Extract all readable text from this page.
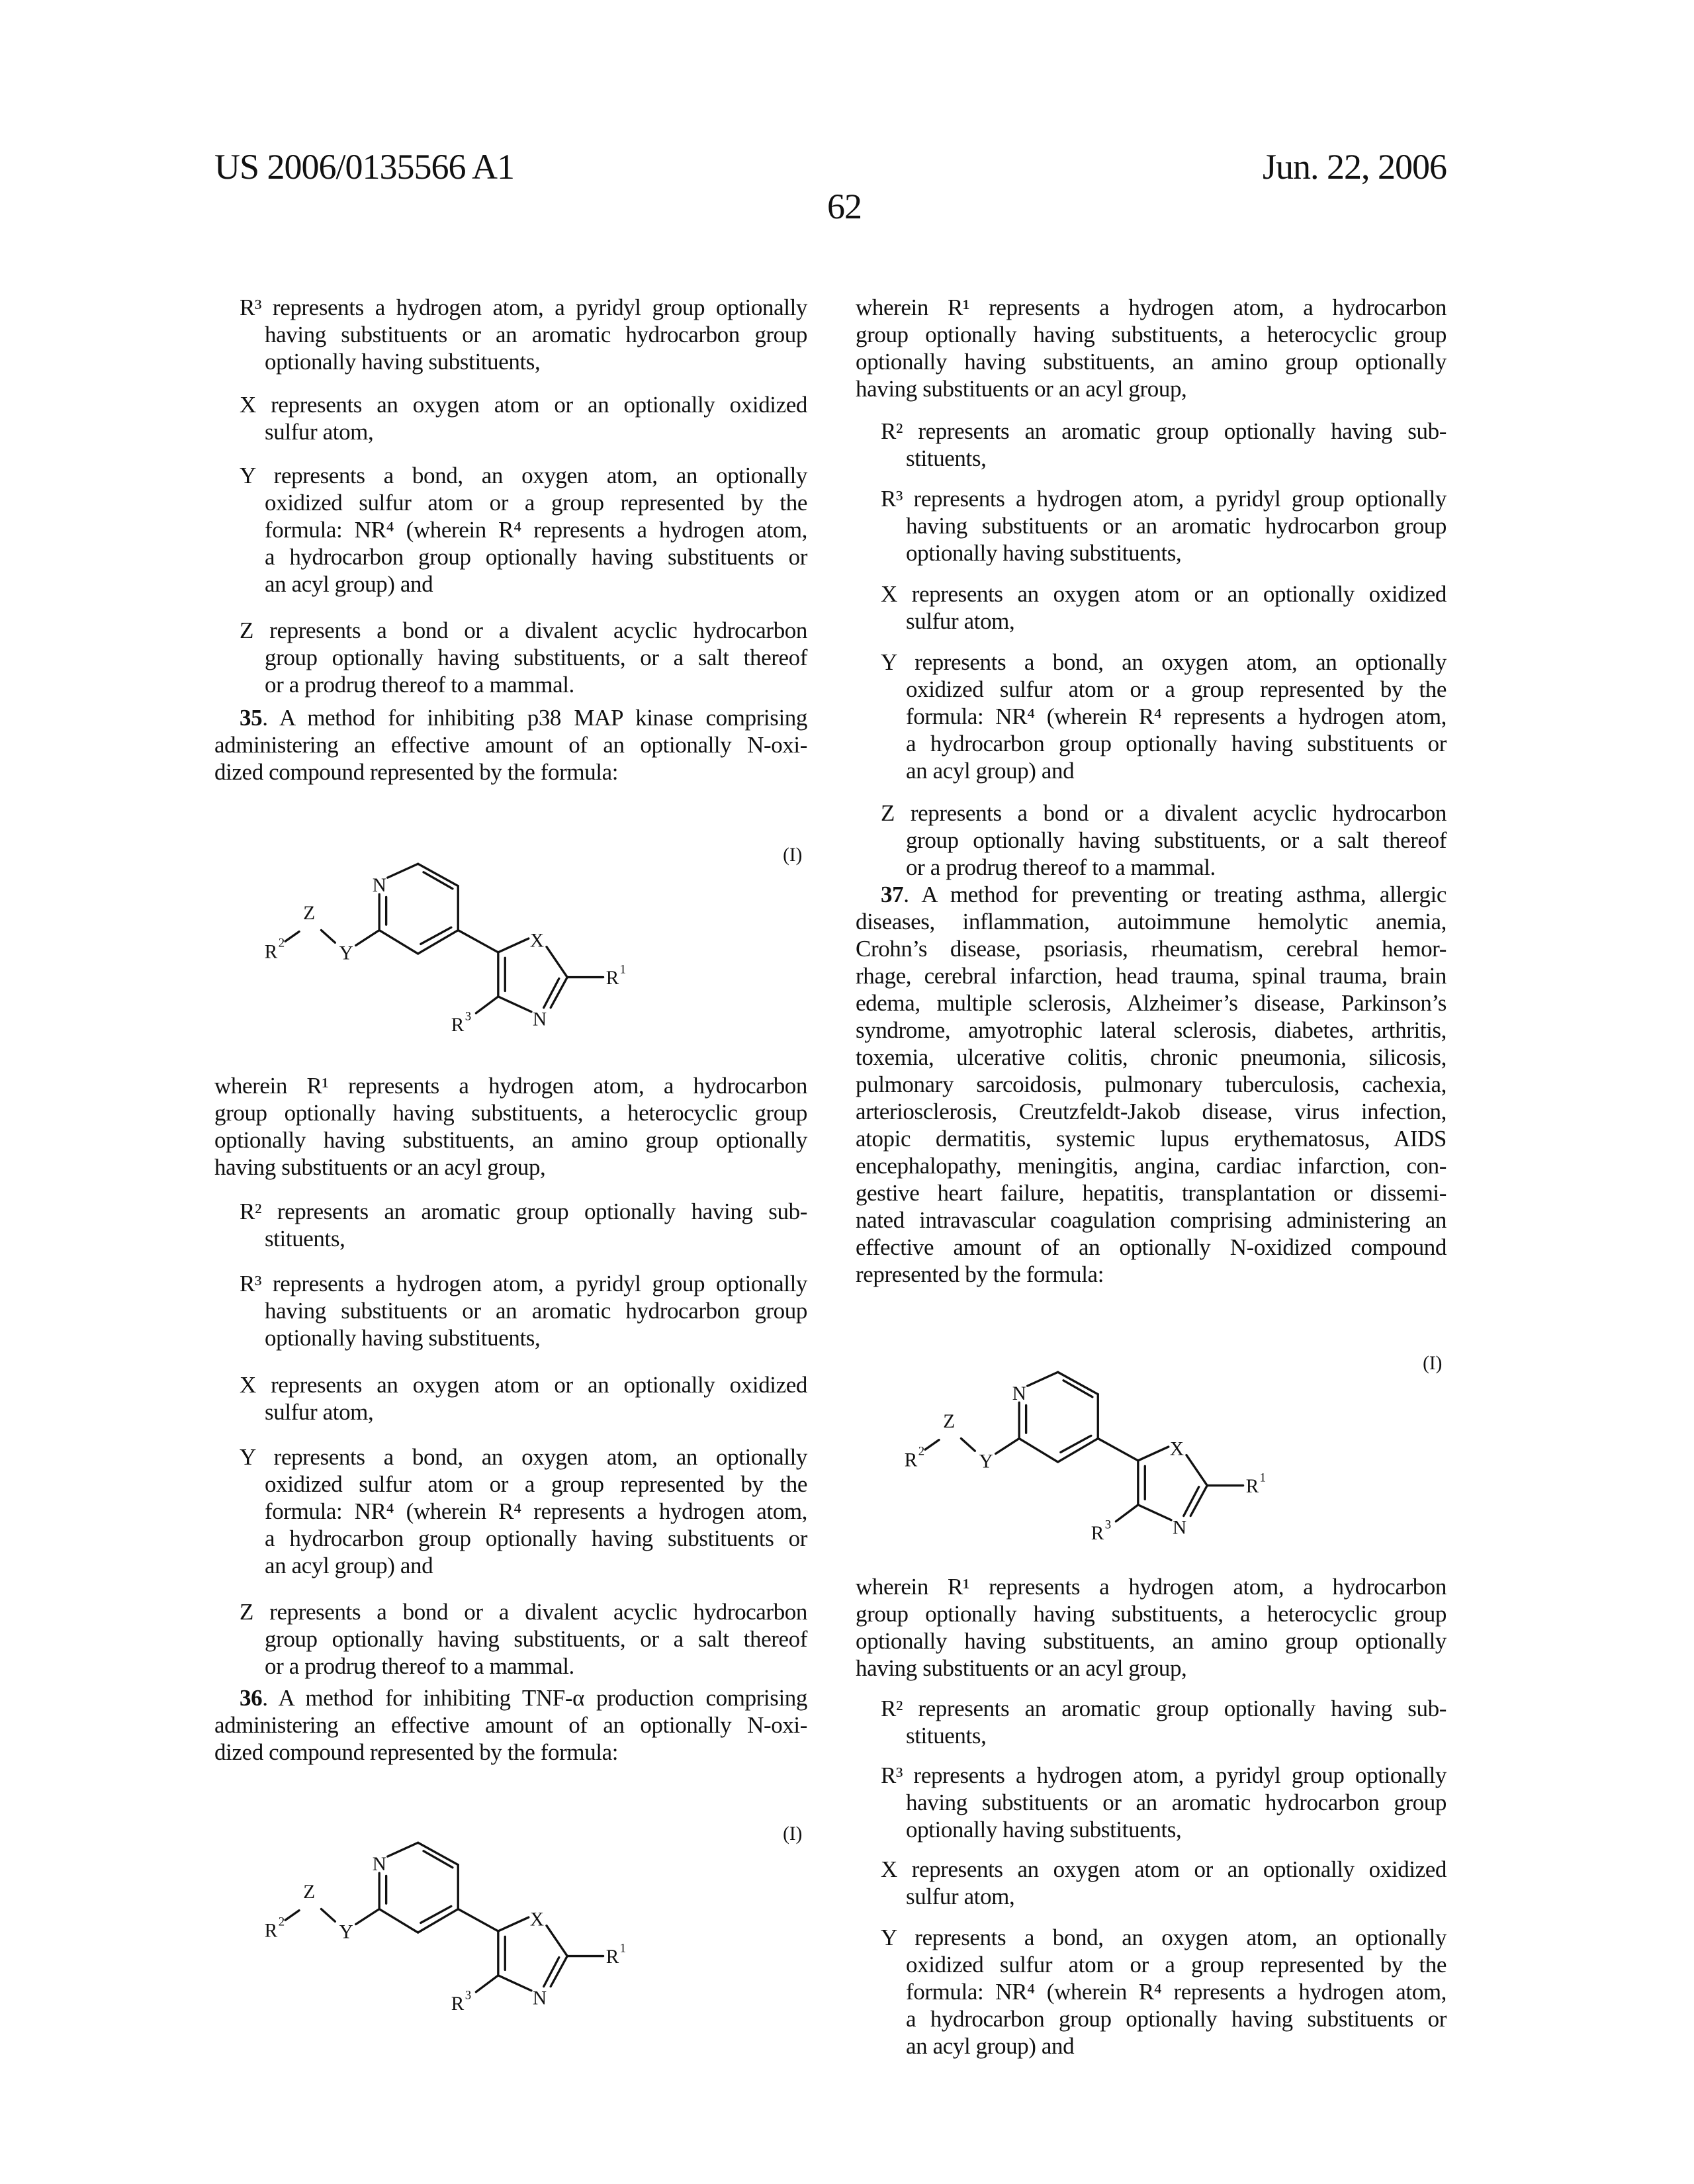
US 2006/0135566 A1	Jun. 22, 2006
62
R³ represents a hydrogen atom, a pyridyl group optionally
having substituents or an aromatic hydrocarbon group
optionally having substituents,
X represents an oxygen atom or an optionally oxidized
sulfur atom,
Y represents a bond, an oxygen atom, an optionally
oxidized sulfur atom or a group represented by the
formula: NR⁴ (wherein R⁴ represents a hydrogen atom,
a hydrocarbon group optionally having substituents or
an acyl group) and
Z represents a bond or a divalent acyclic hydrocarbon
group optionally having substituents, or a salt thereof
or a prodrug thereof to a mammal.
35. A method for inhibiting p38 MAP kinase comprising
administering an effective amount of an optionally N-oxi-
dized compound represented by the formula:
N
Y
Z
X
N
R 2
R 1
R 3
(I)
wherein R¹ represents a hydrogen atom, a hydrocarbon
group optionally having substituents, a heterocyclic group
optionally having substituents, an amino group optionally
having substituents or an acyl group,
R² represents an aromatic group optionally having sub-
stituents,
R³ represents a hydrogen atom, a pyridyl group optionally
having substituents or an aromatic hydrocarbon group
optionally having substituents,
X represents an oxygen atom or an optionally oxidized
sulfur atom,
Y represents a bond, an oxygen atom, an optionally
oxidized sulfur atom or a group represented by the
formula: NR⁴ (wherein R⁴ represents a hydrogen atom,
a hydrocarbon group optionally having substituents or
an acyl group) and
Z represents a bond or a divalent acyclic hydrocarbon
group optionally having substituents, or a salt thereof
or a prodrug thereof to a mammal.
36. A method for inhibiting TNF-α production comprising
administering an effective amount of an optionally N-oxi-
dized compound represented by the formula:
N
Y
Z
X
N
R 2
R 1
R 3
(I)
wherein R¹ represents a hydrogen atom, a hydrocarbon
group optionally having substituents, a heterocyclic group
optionally having substituents, an amino group optionally
having substituents or an acyl group,
R² represents an aromatic group optionally having sub-
stituents,
R³ represents a hydrogen atom, a pyridyl group optionally
having substituents or an aromatic hydrocarbon group
optionally having substituents,
X represents an oxygen atom or an optionally oxidized
sulfur atom,
Y represents a bond, an oxygen atom, an optionally
oxidized sulfur atom or a group represented by the
formula: NR⁴ (wherein R⁴ represents a hydrogen atom,
a hydrocarbon group optionally having substituents or
an acyl group) and
Z represents a bond or a divalent acyclic hydrocarbon
group optionally having substituents, or a salt thereof
or a prodrug thereof to a mammal.
37. A method for preventing or treating asthma, allergic
diseases, inflammation, autoimmune hemolytic anemia,
Crohn’s disease, psoriasis, rheumatism, cerebral hemor-
rhage, cerebral infarction, head trauma, spinal trauma, brain
edema, multiple sclerosis, Alzheimer’s disease, Parkinson’s
syndrome, amyotrophic lateral sclerosis, diabetes, arthritis,
toxemia, ulcerative colitis, chronic pneumonia, silicosis,
pulmonary sarcoidosis, pulmonary tuberculosis, cachexia,
arteriosclerosis, Creutzfeldt-Jakob disease, virus infection,
atopic dermatitis, systemic lupus erythematosus, AIDS
encephalopathy, meningitis, angina, cardiac infarction, con-
gestive heart failure, hepatitis, transplantation or dissemi-
nated intravascular coagulation comprising administering an
effective amount of an optionally N-oxidized compound
represented by the formula:
N
Y
Z
X
N
R 2
R 1
R 3
(I)
wherein R¹ represents a hydrogen atom, a hydrocarbon
group optionally having substituents, a heterocyclic group
optionally having substituents, an amino group optionally
having substituents or an acyl group,
R² represents an aromatic group optionally having sub-
stituents,
R³ represents a hydrogen atom, a pyridyl group optionally
having substituents or an aromatic hydrocarbon group
optionally having substituents,
X represents an oxygen atom or an optionally oxidized
sulfur atom,
Y represents a bond, an oxygen atom, an optionally
oxidized sulfur atom or a group represented by the
formula: NR⁴ (wherein R⁴ represents a hydrogen atom,
a hydrocarbon group optionally having substituents or
an acyl group) and
